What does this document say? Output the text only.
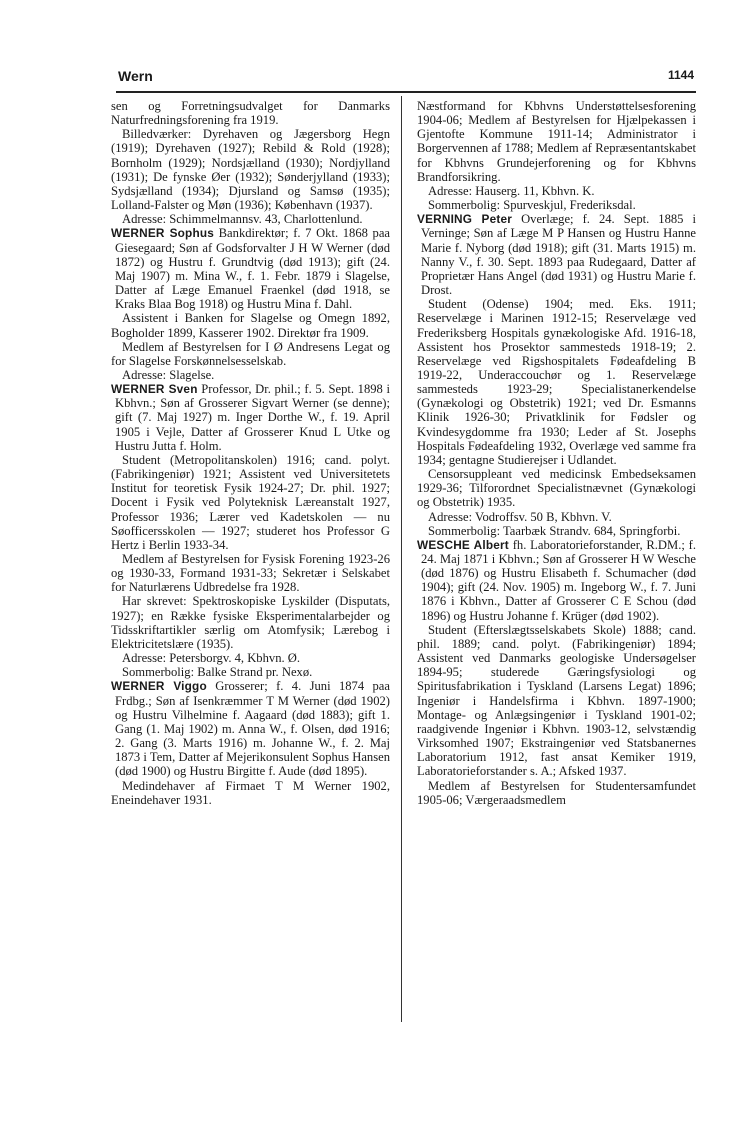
Wern	1144

sen og Forretningsudvalget for Danmarks Naturfredningsforening fra 1919.

Billedværker: Dyrehaven og Jægersborg Hegn (1919); Dyrehaven (1927); Rebild & Rold (1928); Bornholm (1929); Nordsjælland (1930); Nordjylland (1931); De fynske Øer (1932); Sønderjylland (1933); Sydsjælland (1934); Djursland og Samsø (1935); Lolland-Falster og Møn (1936); København (1937).

Adresse: Schimmelmannsv. 43, Charlottenlund.

WERNER Sophus Bankdirektør; f. 7 Okt. 1868 paa Giesegaard; Søn af Godsforvalter J H W Werner (død 1872) og Hustru f. Grundtvig (død 1913); gift (24. Maj 1907) m. Mina W., f. 1. Febr. 1879 i Slagelse, Datter af Læge Emanuel Fraenkel (død 1918, se Kraks Blaa Bog 1918) og Hustru Mina f. Dahl.

Assistent i Banken for Slagelse og Omegn 1892, Bogholder 1899, Kasserer 1902. Direktør fra 1909.

Medlem af Bestyrelsen for I Ø Andresens Legat og for Slagelse Forskønnelsesselskab.

Adresse: Slagelse.

WERNER Sven Professor, Dr. phil.; f. 5. Sept. 1898 i Kbhvn.; Søn af Grosserer Sigvart Werner (se denne); gift (7. Maj 1927) m. Inger Dorthe W., f. 19. April 1905 i Vejle, Datter af Grosserer Knud L Utke og Hustru Jutta f. Holm.

Student (Metropolitanskolen) 1916; cand. polyt. (Fabrikingeniør) 1921; Assistent ved Universitetets Institut for teoretisk Fysik 1924-27; Dr. phil. 1927; Docent i Fysik ved Polyteknisk Læreanstalt 1927, Professor 1936; Lærer ved Kadetskolen — nu Søofficersskolen — 1927; studeret hos Professor G Hertz i Berlin 1933-34.

Medlem af Bestyrelsen for Fysisk Forening 1923-26 og 1930-33, Formand 1931-33; Sekretær i Selskabet for Naturlærens Udbredelse fra 1928.

Har skrevet: Spektroskopiske Lyskilder (Disputats, 1927); en Række fysiske Eksperimentalarbejder og Tidsskriftartikler særlig om Atomfysik; Lærebog i Elektricitetslære (1935).

Adresse: Petersborgv. 4, Kbhvn. Ø.

Sommerbolig: Balke Strand pr. Nexø.

WERNER Viggo Grosserer; f. 4. Juni 1874 paa Frdbg.; Søn af Isenkræmmer T M Werner (død 1902) og Hustru Vilhelmine f. Aagaard (død 1883); gift 1. Gang (1. Maj 1902) m. Anna W., f. Olsen, død 1916; 2. Gang (3. Marts 1916) m. Johanne W., f. 2. Maj 1873 i Tem, Datter af Mejerikonsulent Sophus Hansen (død 1900) og Hustru Birgitte f. Aude (død 1895).

Medindehaver af Firmaet T M Werner 1902, Eneindehaver 1931.

Næstformand for Kbhvns Understøttelsesforening 1904-06; Medlem af Bestyrelsen for Hjælpekassen i Gjentofte Kommune 1911-14; Administrator i Borgervennen af 1788; Medlem af Repræsentantskabet for Kbhvns Grundejerforening og for Kbhvns Brandforsikring.

Adresse: Hauserg. 11, Kbhvn. K.

Sommerbolig: Spurveskjul, Frederiksdal.

VERNING Peter Overlæge; f. 24. Sept. 1885 i Verninge; Søn af Læge M P Hansen og Hustru Hanne Marie f. Nyborg (død 1918); gift (31. Marts 1915) m. Nanny V., f. 30. Sept. 1893 paa Rudegaard, Datter af Proprietær Hans Angel (død 1931) og Hustru Marie f. Drost.

Student (Odense) 1904; med. Eks. 1911; Reservelæge i Marinen 1912-15; Reservelæge ved Frederiksberg Hospitals gynækologiske Afd. 1916-18, Assistent hos Prosektor sammesteds 1918-19; 2. Reservelæge ved Rigshospitalets Fødeafdeling B 1919-22, Underaccouchør og 1. Reservelæge sammesteds 1923-29; Specialistanerkendelse (Gynækologi og Obstetrik) 1921; ved Dr. Esmanns Klinik 1926-30; Privatklinik for Fødsler og Kvindesygdomme fra 1930; Leder af St. Josephs Hospitals Fødeafdeling 1932, Overlæge ved samme fra 1934; gentagne Studierejser i Udlandet.

Censorsuppleant ved medicinsk Embedseksamen 1929-36; Tilforordnet Specialistnævnet (Gynækologi og Obstetrik) 1935.

Adresse: Vodroffsv. 50 B, Kbhvn. V.

Sommerbolig: Taarbæk Strandv. 684, Springforbi.

WESCHE Albert fh. Laboratorieforstander, R.DM.; f. 24. Maj 1871 i Kbhvn.; Søn af Grosserer H W Wesche (død 1876) og Hustru Elisabeth f. Schumacher (død 1904); gift (24. Nov. 1905) m. Ingeborg W., f. 7. Juni 1876 i Kbhvn., Datter af Grosserer C E Schou (død 1896) og Hustru Johanne f. Krüger (død 1902).

Student (Efterslægtsselskabets Skole) 1888; cand. phil. 1889; cand. polyt. (Fabrikingeniør) 1894; Assistent ved Danmarks geologiske Undersøgelser 1894-95; studerede Gæringsfysiologi og Spiritusfabrikation i Tyskland (Larsens Legat) 1896; Ingeniør i Handelsfirma i Kbhvn. 1897-1900; Montage- og Anlægsingeniør i Tyskland 1901-02; raadgivende Ingeniør i Kbhvn. 1903-12, selvstændig Virksomhed 1907; Ekstraingeniør ved Statsbanernes Laboratorium 1912, fast ansat Kemiker 1919, Laboratorieforstander s. A.; Afsked 1937.

Medlem af Bestyrelsen for Studentersamfundet 1905-06; Værgeraadsmedlem
